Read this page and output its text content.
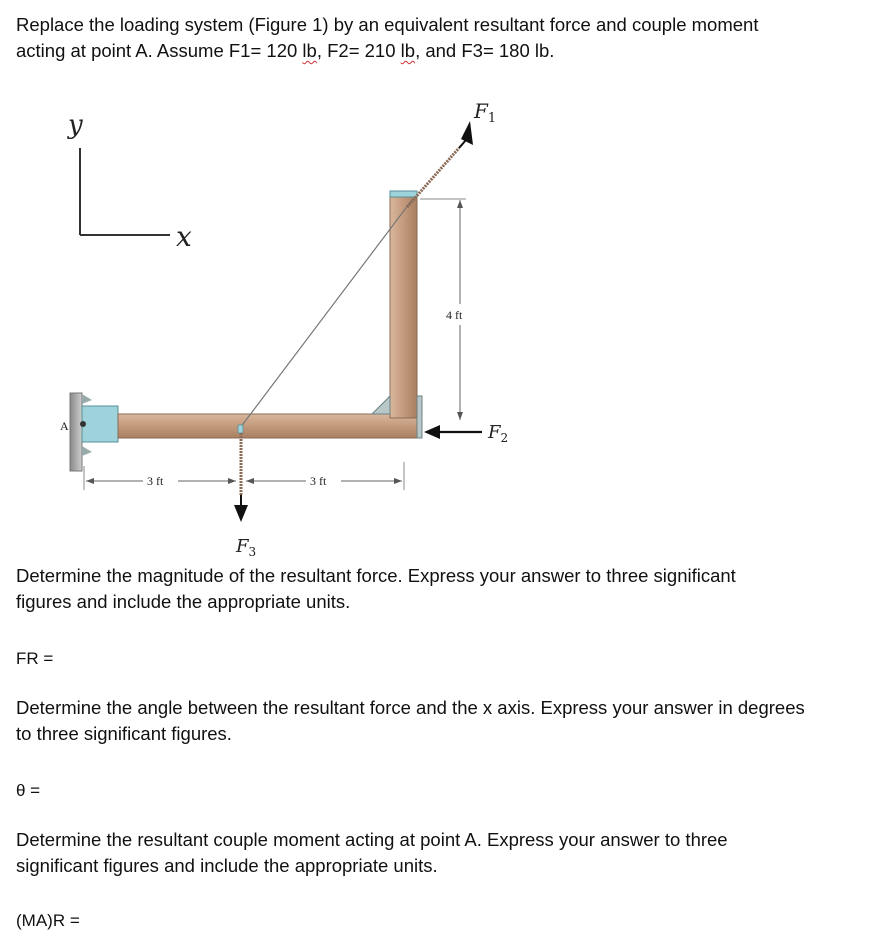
Replace the loading system (Figure 1) by an equivalent resultant force and couple moment
acting at point A. Assume F1= 120 lb, F2= 210 lb, and F3= 180 lb.

y
x
A
$F_1$
$F_2$
$F_3$
4 ft
3 ft	3 ft

Determine the magnitude of the resultant force. Express your answer to three significant
figures and include the appropriate units.

FR =

Determine the angle between the resultant force and the x axis. Express your answer in degrees
to three significant figures.

θ =

Determine the resultant couple moment acting at point A. Express your answer to three
significant figures and include the appropriate units.

(MA)R =
